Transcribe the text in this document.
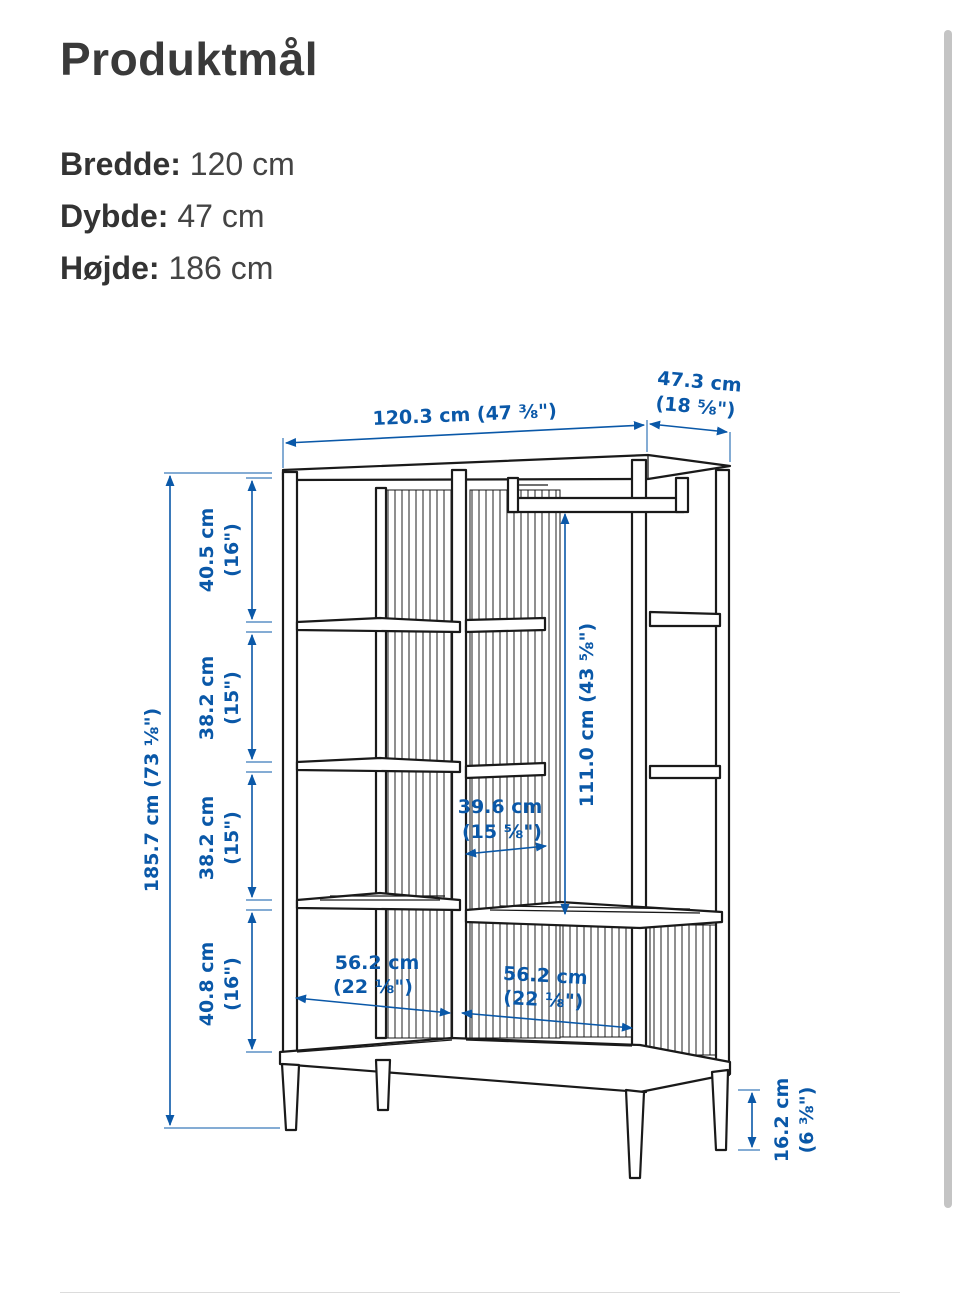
Produktmål
Bredde: 120 cm
Dybde: 47 cm
Højde: 186 cm
120.3 cm (47 ⅜")
47.3 cm
(18 ⅝")
185.7 cm (73 ⅛")
40.5 cm (16")
38.2 cm (15")
38.2 cm (15")
40.8 cm (16")
111.0 cm (43 ⅝")
39.6 cm
(15 ⅝")
56.2 cm
(22 ⅛")	56.2 cm
(22 ⅛")
16.2 cm (6 ⅜")
